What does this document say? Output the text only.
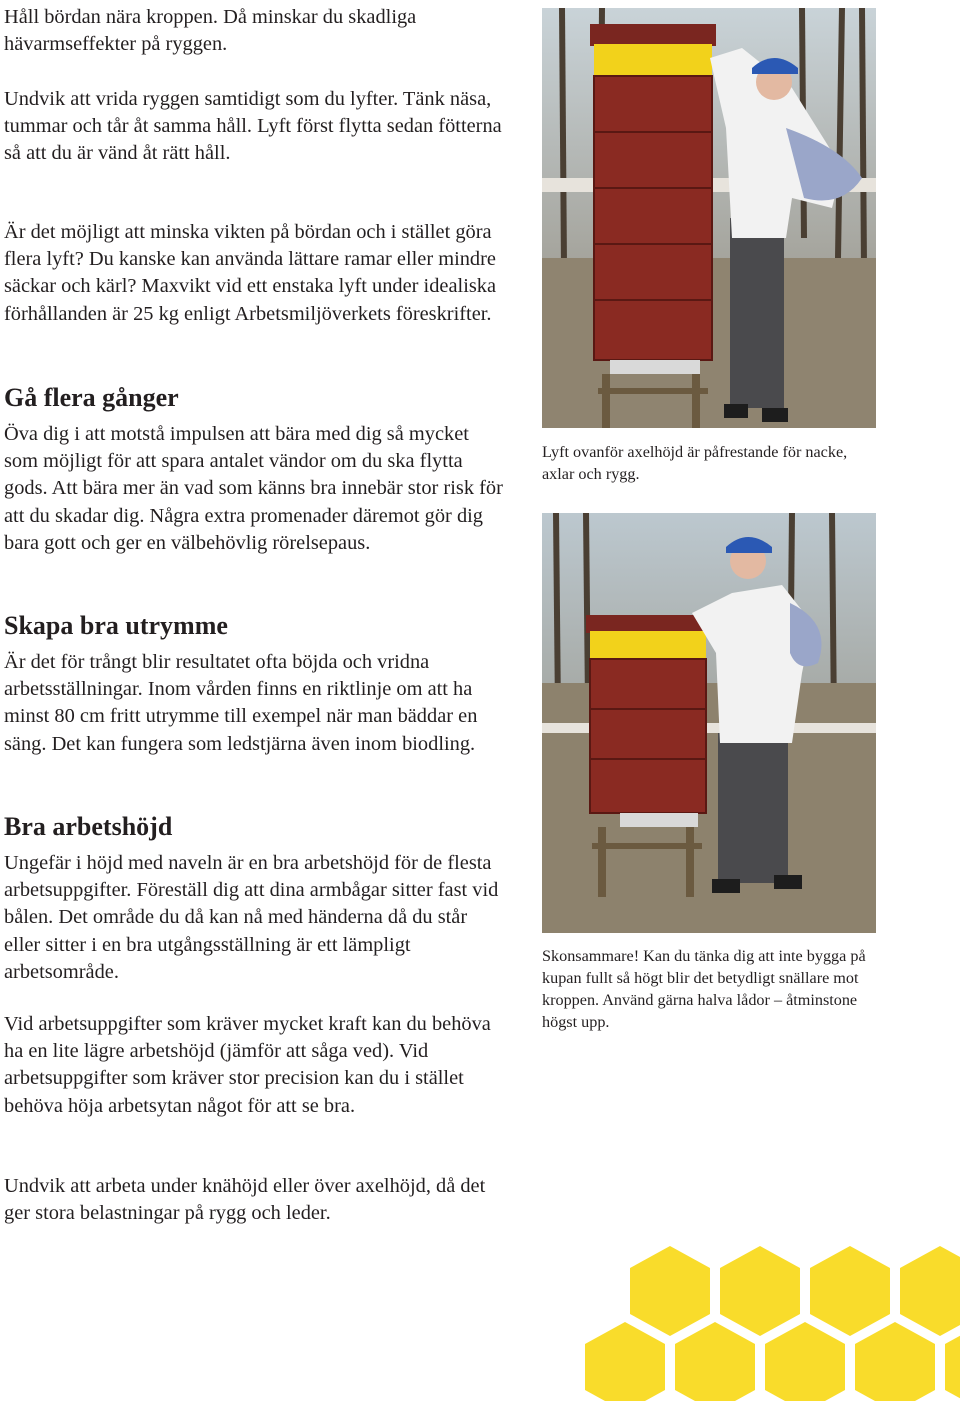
Håll bördan nära kroppen. Då minskar du skadliga hävarmseffekter på ryggen.

Undvik att vrida ryggen samtidigt som du lyfter. Tänk näsa, tummar och tår åt samma håll. Lyft först flytta sedan fötterna så att du är vänd åt rätt håll.

Är det möjligt att minska vikten på bördan och i stället göra flera lyft? Du kanske kan använda lättare ramar eller mindre säckar och kärl? Maxvikt vid ett enstaka lyft under idealiska förhållanden är 25 kg enligt Arbetsmiljöverkets föreskrifter.

Gå flera gånger

Öva dig i att motstå impulsen att bära med dig så mycket som möjligt för att spara antalet vändor om du ska flytta gods. Att bära mer än vad som känns bra innebär stor risk för att du skadar dig. Några extra promenader däremot gör dig bara gott och ger en välbehövlig rörelsepaus.

Skapa bra utrymme

Är det för trångt blir resultatet ofta böjda och vridna arbetsställningar. Inom vården finns en riktlinje om att ha minst 80 cm fritt utrymme till exempel när man bäddar en säng. Det kan fungera som ledstjärna även inom biodling.

Bra arbetshöjd

Ungefär i höjd med naveln är en bra arbetshöjd för de flesta arbetsuppgifter. Föreställ dig att dina armbågar sitter fast vid bålen. Det område du då kan nå med händerna då du står eller sitter i en bra utgångsställning är ett lämpligt arbetsområde.

Vid arbetsuppgifter som kräver mycket kraft kan du behöva ha en lite lägre arbetshöjd (jämför att såga ved). Vid arbetsuppgifter som kräver stor precision kan du i stället behöva höja arbetsytan något för att se bra.

Undvik att arbeta under knähöjd eller över axelhöjd, då det ger stora belastningar på rygg och leder.

Lyft ovanför axelhöjd är påfrestande för nacke, axlar och rygg.
Skonsammare! Kan du tänka dig att inte bygga på kupan fullt så högt blir det betydligt snällare mot kroppen. Använd gärna halva lådor – åtminstone högst upp.
